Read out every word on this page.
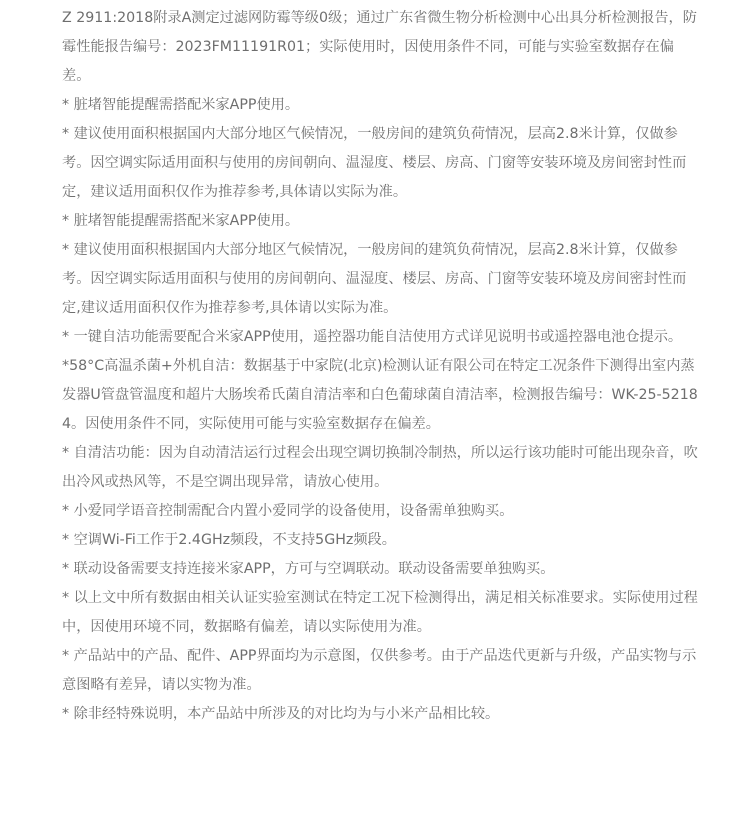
Z 2911:2018附录A测定过滤网防霉等级0级；通过广东省微生物分析检测中心出具分析检测报告，防霉性能报告编号：2023FM11191R01；实际使用时，因使用条件不同，可能与实验室数据存在偏差。

* 脏堵智能提醒需搭配米家APP使用。

* 建议使用面积根据国内大部分地区气候情况，一般房间的建筑负荷情况，层高2.8米计算，仅做参考。因空调实际适用面积与使用的房间朝向、温湿度、楼层、房高、门窗等安装环境及房间密封性而定，建议适用面积仅作为推荐参考,具体请以实际为准。

* 脏堵智能提醒需搭配米家APP使用。

* 建议使用面积根据国内大部分地区气候情况，一般房间的建筑负荷情况，层高2.8米计算，仅做参考。因空调实际适用面积与使用的房间朝向、温湿度、楼层、房高、门窗等安装环境及房间密封性而定,建议适用面积仅作为推荐参考,具体请以实际为准。

* 一键自洁功能需要配合米家APP使用，遥控器功能自洁使用方式详见说明书或遥控器电池仓提示。

*58°C高温杀菌+外机自洁：数据基于中家院(北京)检测认证有限公司在特定工况条件下测得出室内蒸发器U管盘管温度和超片大肠埃希氏菌自清洁率和白色葡球菌自清洁率，检测报告编号：WK-25-52184。因使用条件不同，实际使用可能与实验室数据存在偏差。

* 自清洁功能：因为自动清洁运行过程会出现空调切换制冷制热，所以运行该功能时可能出现杂音，吹出冷风或热风等，不是空调出现异常，请放心使用。

* 小爱同学语音控制需配合内置小爱同学的设备使用，设备需单独购买。

* 空调Wi-Fi工作于2.4GHz频段，不支持5GHz频段。

* 联动设备需要支持连接米家APP，方可与空调联动。联动设备需要单独购买。

* 以上文中所有数据由相关认证实验室测试在特定工况下检测得出，满足相关标准要求。实际使用过程中，因使用环境不同，数据略有偏差，请以实际使用为准。

* 产品站中的产品、配件、APP界面均为示意图，仅供参考。由于产品迭代更新与升级，产品实物与示意图略有差异，请以实物为准。

* 除非经特殊说明，本产品站中所涉及的对比均为与小米产品相比较。
